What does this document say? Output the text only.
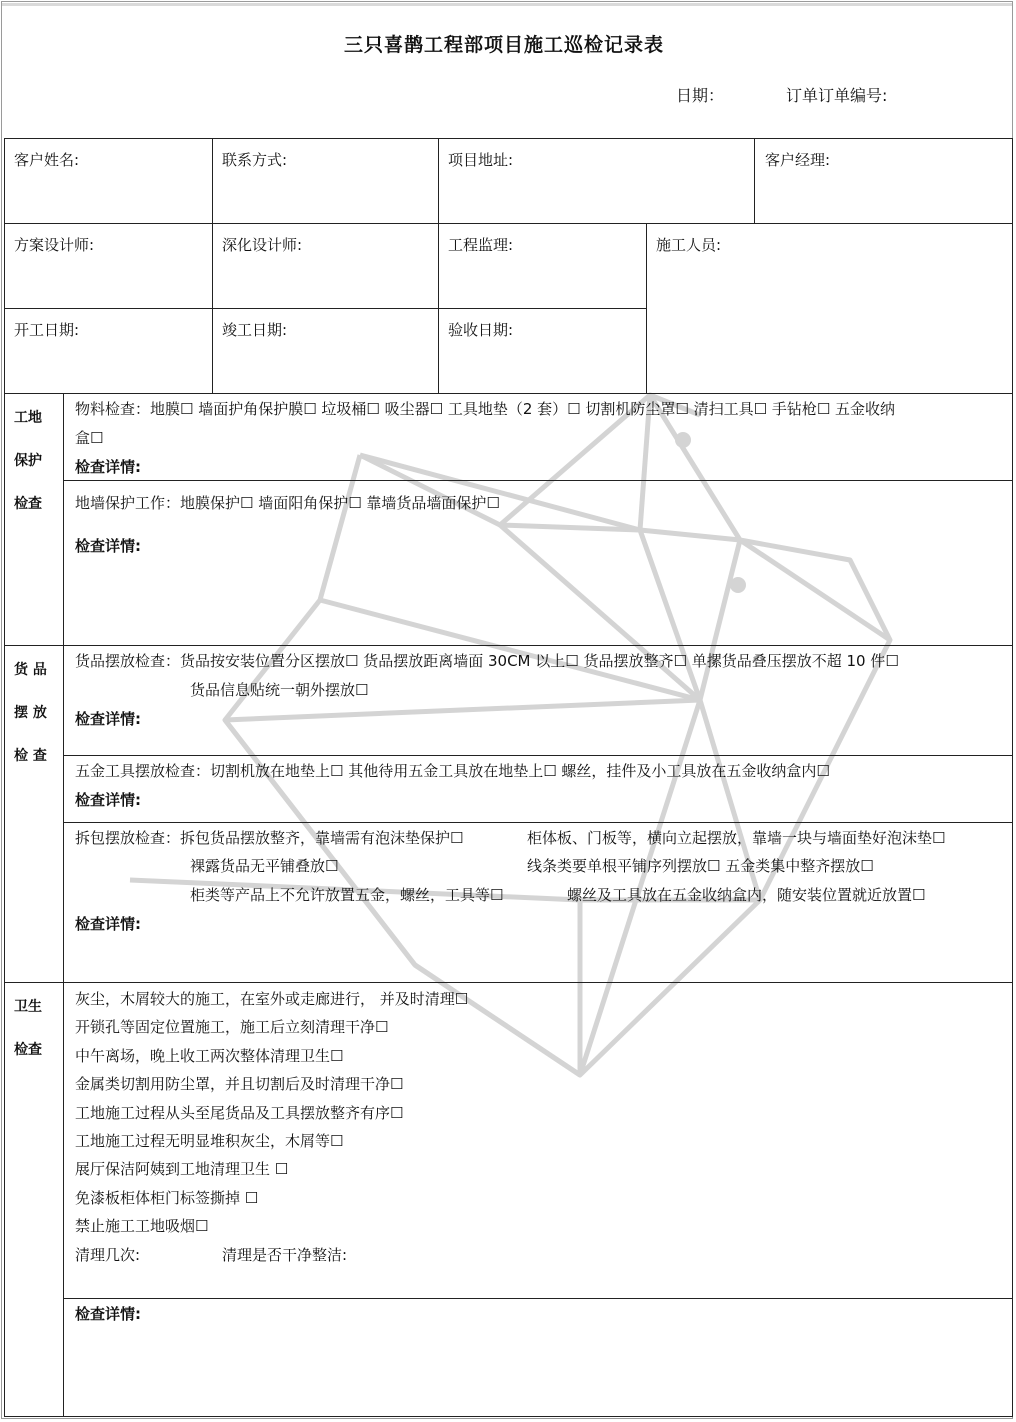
三只喜鹊工程部项目施工巡检记录表
日期：	订单订单编号:
客户姓名:	联系方式:	项目地址:	客户经理:
方案设计师:	深化设计师:	工程监理:	施工人员:
开工日期:	竣工日期:	验收日期:
工地
保护
检查
物料检查：地膜☐ 墙面护角保护膜☐ 垃圾桶☐ 吸尘器☐ 工具地垫（2 套）☐ 切割机防尘罩☐ 清扫工具☐ 手钻枪☐ 五金收纳
盒☐
检查详情:
地墙保护工作：地膜保护☐ 墙面阳角保护☐ 靠墙货品墙面保护☐
检查详情:
货 品
摆 放
检 查
货品摆放检查：货品按安装位置分区摆放☐ 货品摆放距离墙面 30CM 以上☐ 货品摆放整齐☐ 单摞货品叠压摆放不超 10 件☐
货品信息贴统一朝外摆放☐
检查详情:
五金工具摆放检查：切割机放在地垫上☐ 其他待用五金工具放在地垫上☐ 螺丝，挂件及小工具放在五金收纳盒内☐
检查详情:
拆包摆放检查：拆包货品摆放整齐，靠墙需有泡沫垫保护☐	柜体板、门板等，横向立起摆放，靠墙一块与墙面垫好泡沫垫☐
裸露货品无平铺叠放☐	线条类要单根平铺序列摆放☐ 五金类集中整齐摆放☐
柜类等产品上不允许放置五金，螺丝，工具等☐	螺丝及工具放在五金收纳盒内，随安装位置就近放置☐
检查详情:
卫生
检查
灰尘，木屑较大的施工，在室外或走廊进行， 并及时清理☐
开锁孔等固定位置施工，施工后立刻清理干净☐
中午离场，晚上收工两次整体清理卫生☐
金属类切割用防尘罩，并且切割后及时清理干净☐
工地施工过程从头至尾货品及工具摆放整齐有序☐
工地施工过程无明显堆积灰尘，木屑等☐
展厅保洁阿姨到工地清理卫生 ☐
免漆板柜体柜门标签撕掉 ☐
禁止施工工地吸烟☐
清理几次:	清理是否干净整洁:
检查详情:
